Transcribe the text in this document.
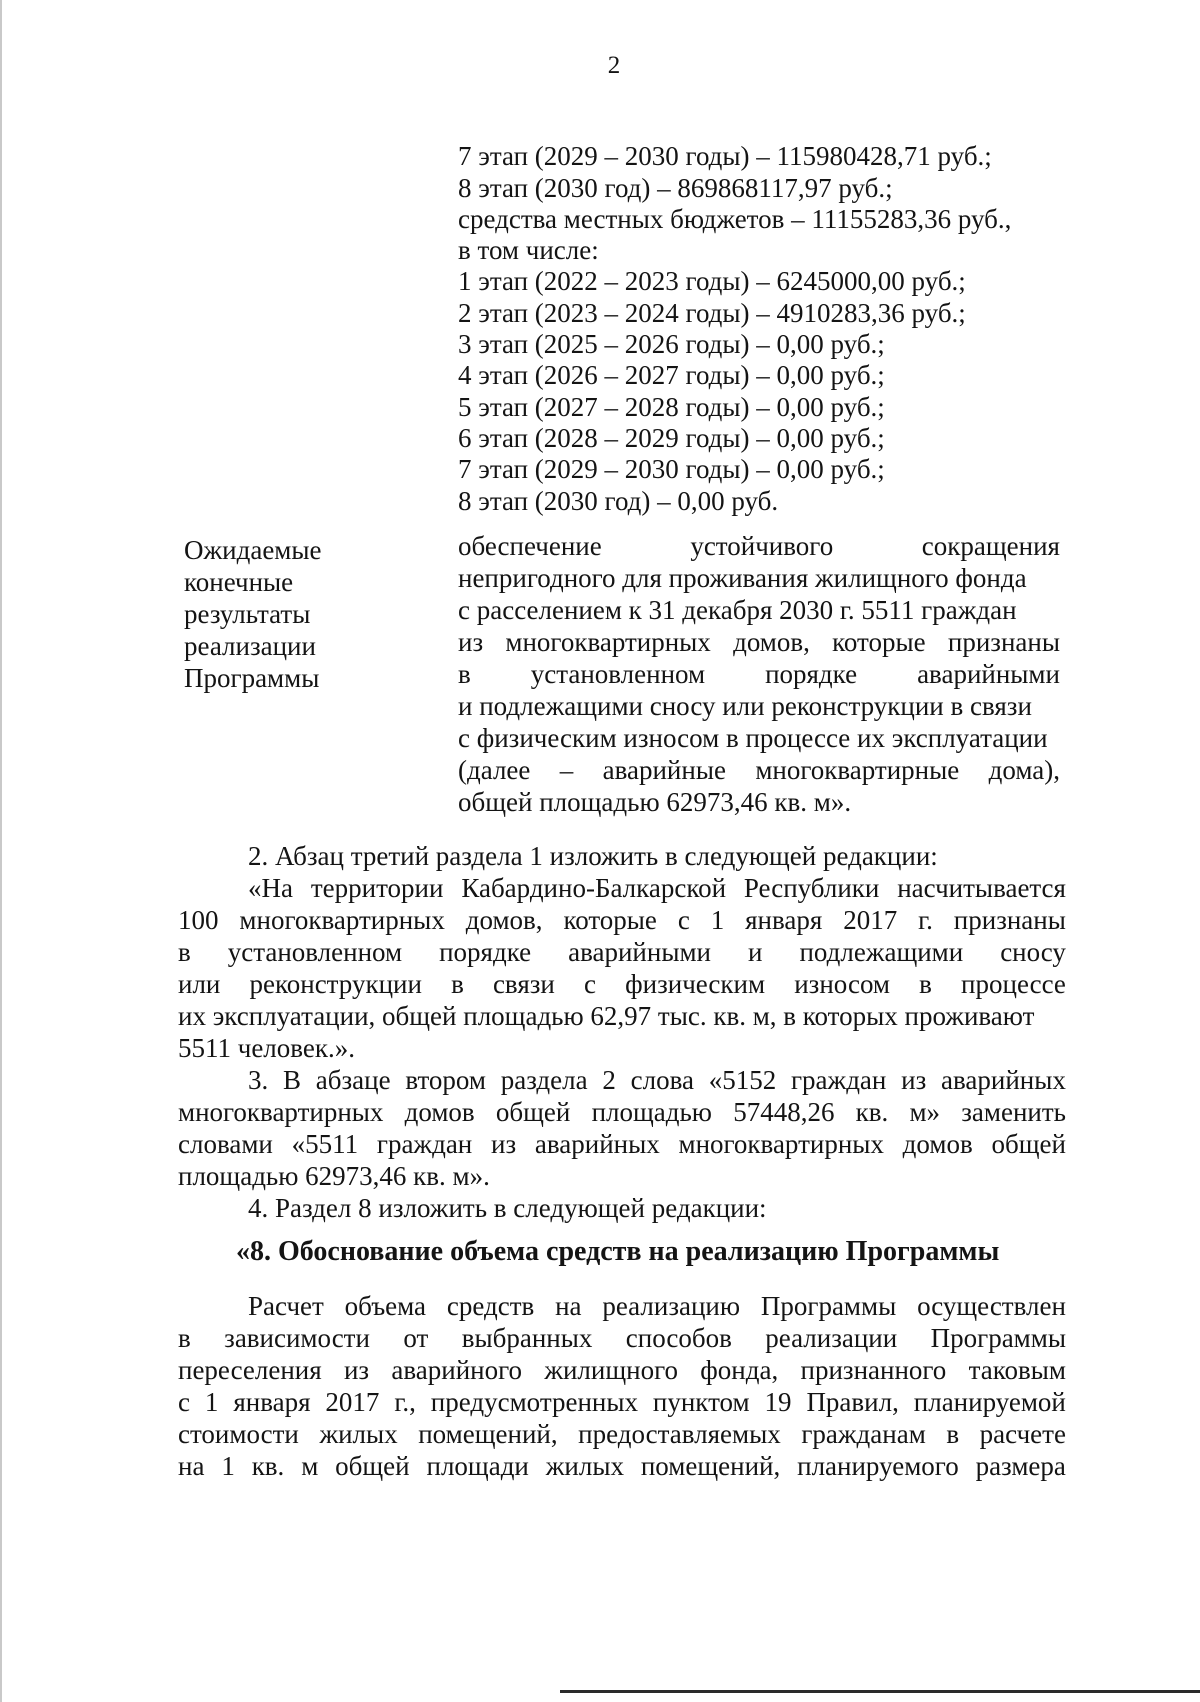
2
7 этап (2029 – 2030 годы) – 115980428,71 руб.;
8 этап (2030 год) – 869868117,97 руб.;
средства местных бюджетов – 11155283,36 руб.,
в том числе:
1 этап (2022 – 2023 годы) – 6245000,00 руб.;
2 этап (2023 – 2024 годы) – 4910283,36 руб.;
3 этап (2025 – 2026 годы) – 0,00 руб.;
4 этап (2026 – 2027 годы) – 0,00 руб.;
5 этап (2027 – 2028 годы) – 0,00 руб.;
6 этап (2028 – 2029 годы) – 0,00 руб.;
7 этап (2029 – 2030 годы) – 0,00 руб.;
8 этап (2030 год) – 0,00 руб.
Ожидаемые
конечные
результаты
реализации
Программы
обеспечение	устойчивого	сокращения
непригодного для проживания жилищного фонда
с расселением к 31 декабря 2030 г. 5511 граждан
из многоквартирных домов, которые признаны
в установленном порядке аварийными
и подлежащими сносу или реконструкции в связи
с физическим износом в процессе их эксплуатации
(далее – аварийные многоквартирные дома),
общей площадью 62973,46 кв. м».
2. Абзац третий раздела 1 изложить в следующей редакции:
«На территории Кабардино-Балкарской Республики насчитывается
100 многоквартирных домов, которые с 1 января 2017 г. признаны
в установленном порядке аварийными и подлежащими сносу
или реконструкции в связи с физическим износом в процессе
их эксплуатации, общей площадью 62,97 тыс. кв. м, в которых проживают
5511 человек.».
3. В абзаце втором раздела 2 слова «5152 граждан из аварийных
многоквартирных домов общей площадью 57448,26 кв. м» заменить
словами «5511 граждан из аварийных многоквартирных домов общей
площадью 62973,46 кв. м».
4. Раздел 8 изложить в следующей редакции:
«8. Обоснование объема средств на реализацию Программы
Расчет объема средств на реализацию Программы осуществлен
в зависимости от выбранных способов реализации Программы
переселения из аварийного жилищного фонда, признанного таковым
с 1 января 2017 г., предусмотренных пунктом 19 Правил, планируемой
стоимости жилых помещений, предоставляемых гражданам в расчете
на 1 кв. м общей площади жилых помещений, планируемого размера
